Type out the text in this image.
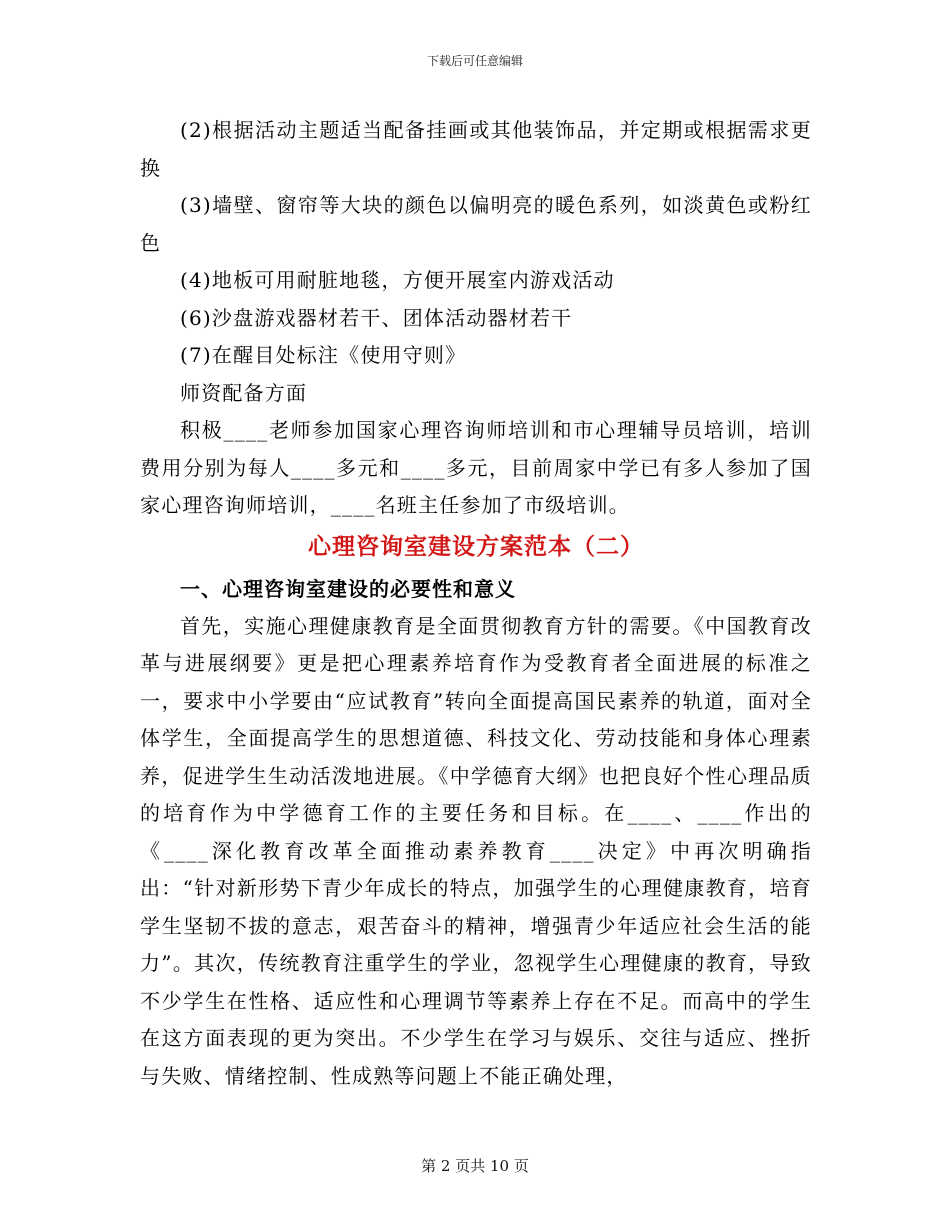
下载后可任意编辑

(2)根据活动主题适当配备挂画或其他装饰品，并定期或根据需求更换

(3)墙壁、窗帘等大块的颜色以偏明亮的暖色系列，如淡黄色或粉红色

(4)地板可用耐脏地毯，方便开展室内游戏活动

(6)沙盘游戏器材若干、团体活动器材若干

(7)在醒目处标注《使用守则》

师资配备方面

积极____老师参加国家心理咨询师培训和市心理辅导员培训，培训费用分别为每人____多元和____多元，目前周家中学已有多人参加了国家心理咨询师培训，____名班主任参加了市级培训。

心理咨询室建设方案范本（二）

一、心理咨询室建设的必要性和意义

首先，实施心理健康教育是全面贯彻教育方针的需要。《中国教育改革与进展纲要》更是把心理素养培育作为受教育者全面进展的标准之一，要求中小学要由“应试教育”转向全面提高国民素养的轨道，面对全体学生，全面提高学生的思想道德、科技文化、劳动技能和身体心理素养，促进学生生动活泼地进展。《中学德育大纲》也把良好个性心理品质的培育作为中学德育工作的主要任务和目标。在____、____作出的《____深化教育改革全面推动素养教育____决定》中再次明确指出：“针对新形势下青少年成长的特点，加强学生的心理健康教育，培育学生坚韧不拔的意志，艰苦奋斗的精神，增强青少年适应社会生活的能力”。其次，传统教育注重学生的学业，忽视学生心理健康的教育，导致不少学生在性格、适应性和心理调节等素养上存在不足。而高中的学生在这方面表现的更为突出。不少学生在学习与娱乐、交往与适应、挫折与失败、情绪控制、性成熟等问题上不能正确处理，

第 2 页共 10 页
